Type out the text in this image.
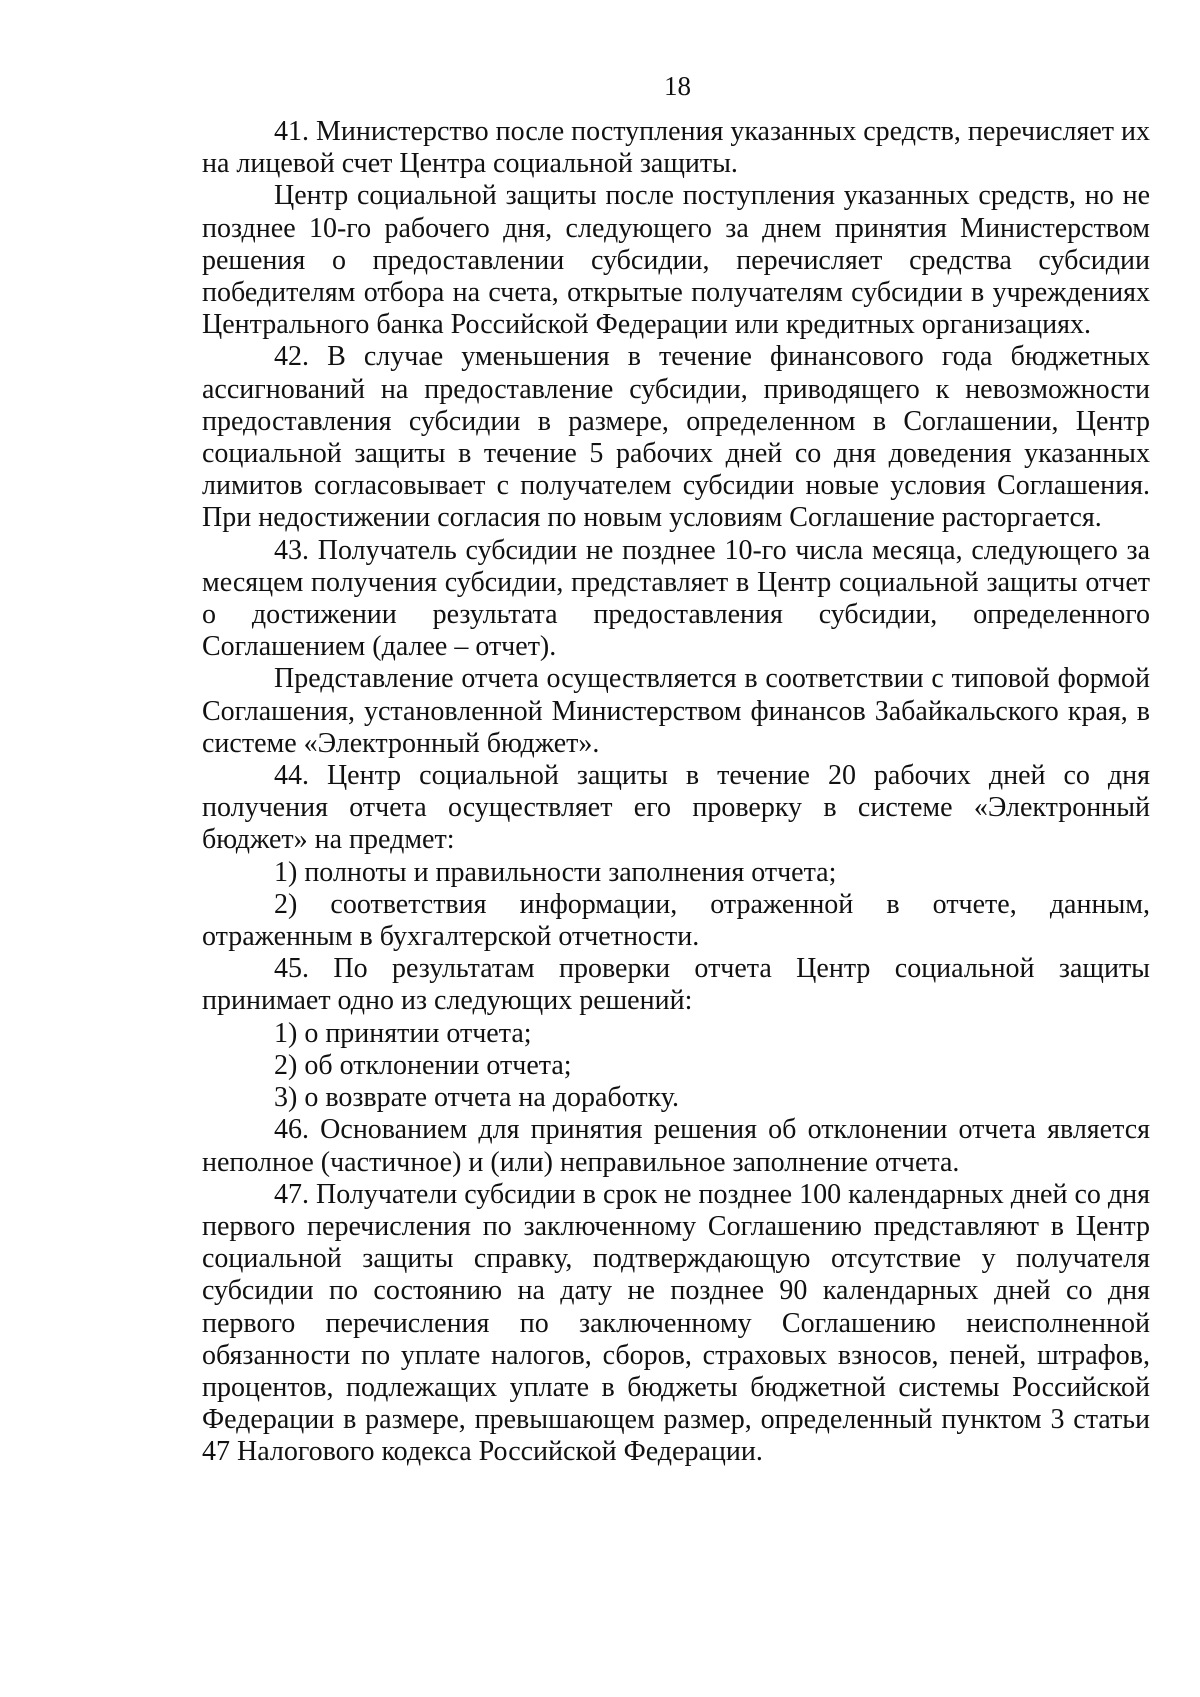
18

41. Министерство после поступления указанных средств, перечисляет их на лицевой счет Центра социальной защиты.

Центр социальной защиты после поступления указанных средств, но не позднее 10-го рабочего дня, следующего за днем принятия Министерством решения о предоставлении субсидии, перечисляет средства субсидии победителям отбора на счета, открытые получателям субсидии в учреждениях Центрального банка Российской Федерации или кредитных организациях.

42. В случае уменьшения в течение финансового года бюджетных ассигнований на предоставление субсидии, приводящего к невозможности предоставления субсидии в размере, определенном в Соглашении, Центр социальной защиты в течение 5 рабочих дней со дня доведения указанных лимитов согласовывает с получателем субсидии новые условия Соглашения. При недостижении согласия по новым условиям Соглашение расторгается.

43. Получатель субсидии не позднее 10-го числа месяца, следующего за месяцем получения субсидии, представляет в Центр социальной защиты отчет о достижении результата предоставления субсидии, определенного Соглашением (далее – отчет).

Представление отчета осуществляется в соответствии с типовой формой Соглашения, установленной Министерством финансов Забайкальского края, в системе «Электронный бюджет».

44. Центр социальной защиты в течение 20 рабочих дней со дня получения отчета осуществляет его проверку в системе «Электронный бюджет» на предмет:

1) полноты и правильности заполнения отчета;

2) соответствия информации, отраженной в отчете, данным, отраженным в бухгалтерской отчетности.

45. По результатам проверки отчета Центр социальной защиты принимает одно из следующих решений:

1) о принятии отчета;

2) об отклонении отчета;

3) о возврате отчета на доработку.

46. Основанием для принятия решения об отклонении отчета является неполное (частичное) и (или) неправильное заполнение отчета.

47. Получатели субсидии в срок не позднее 100 календарных дней со дня первого перечисления по заключенному Соглашению представляют в Центр социальной защиты справку, подтверждающую отсутствие у получателя субсидии по состоянию на дату не позднее 90 календарных дней со дня первого перечисления по заключенному Соглашению неисполненной обязанности по уплате налогов, сборов, страховых взносов, пеней, штрафов, процентов, подлежащих уплате в бюджеты бюджетной системы Российской Федерации в размере, превышающем размер, определенный пунктом 3 статьи 47 Налогового кодекса Российской Федерации.
